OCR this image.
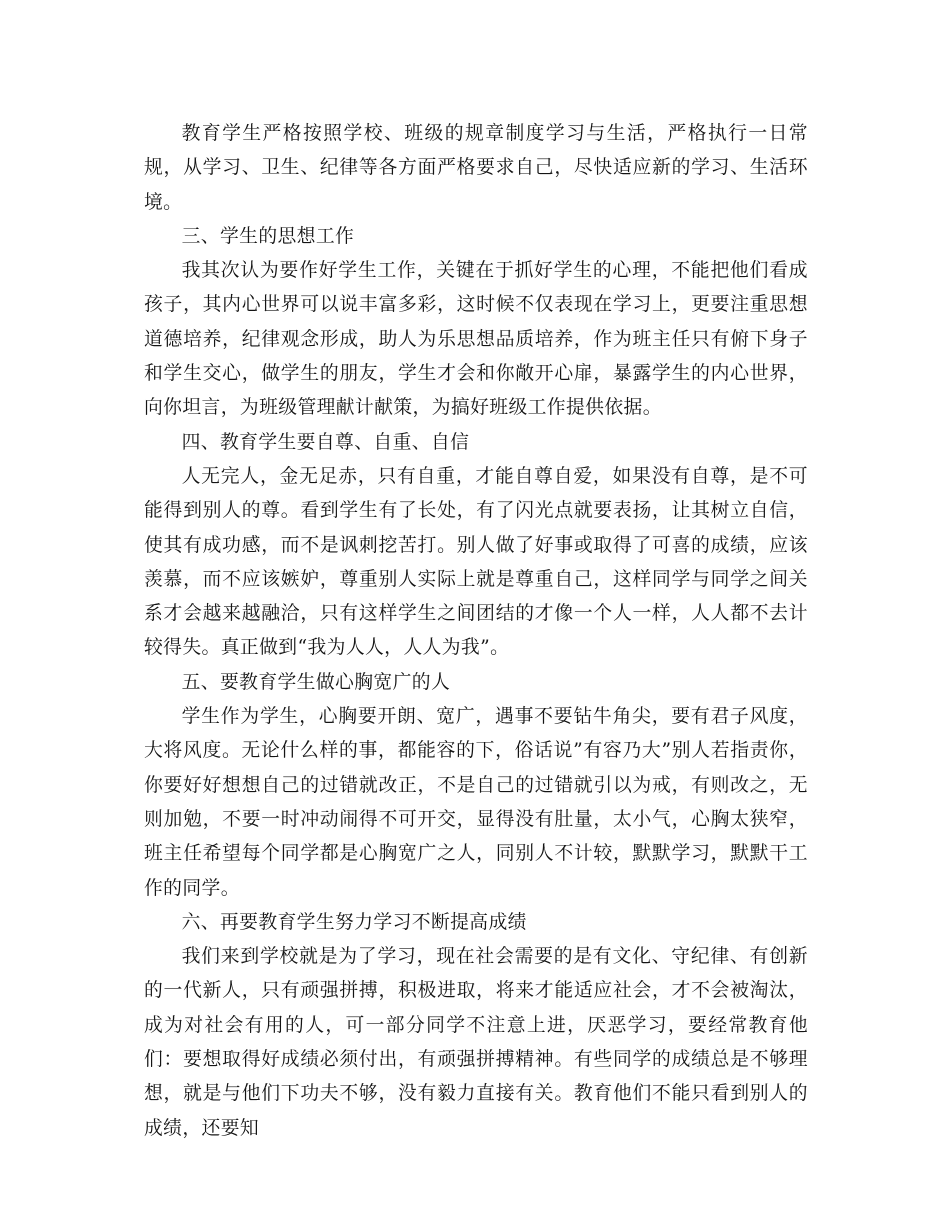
教育学生严格按照学校、班级的规章制度学习与生活，严格执行一日常规，从学习、卫生、纪律等各方面严格要求自己，尽快适应新的学习、生活环境。

三、学生的思想工作

我其次认为要作好学生工作，关键在于抓好学生的心理，不能把他们看成孩子，其内心世界可以说丰富多彩，这时候不仅表现在学习上，更要注重思想道德培养，纪律观念形成，助人为乐思想品质培养，作为班主任只有俯下身子和学生交心，做学生的朋友，学生才会和你敞开心扉，暴露学生的内心世界，向你坦言，为班级管理献计献策，为搞好班级工作提供依据。

四、教育学生要自尊、自重、自信

人无完人，金无足赤，只有自重，才能自尊自爱，如果没有自尊，是不可能得到别人的尊。看到学生有了长处，有了闪光点就要表扬，让其树立自信，使其有成功感，而不是讽刺挖苦打。别人做了好事或取得了可喜的成绩，应该羡慕，而不应该嫉妒，尊重别人实际上就是尊重自己，这样同学与同学之间关系才会越来越融洽，只有这样学生之间团结的才像一个人一样，人人都不去计较得失。真正做到“我为人人，人人为我”。

五、要教育学生做心胸宽广的人

学生作为学生，心胸要开朗、宽广，遇事不要钻牛角尖，要有君子风度，大将风度。无论什么样的事，都能容的下，俗话说”有容乃大”别人若指责你，你要好好想想自己的过错就改正，不是自己的过错就引以为戒，有则改之，无则加勉，不要一时冲动闹得不可开交，显得没有肚量，太小气，心胸太狭窄，班主任希望每个同学都是心胸宽广之人，同别人不计较，默默学习，默默干工作的同学。

六、再要教育学生努力学习不断提高成绩

我们来到学校就是为了学习，现在社会需要的是有文化、守纪律、有创新的一代新人，只有顽强拼搏，积极进取，将来才能适应社会，才不会被淘汰，成为对社会有用的人，可一部分同学不注意上进，厌恶学习，要经常教育他们：要想取得好成绩必须付出，有顽强拼搏精神。有些同学的成绩总是不够理想，就是与他们下功夫不够，没有毅力直接有关。教育他们不能只看到别人的成绩，还要知
